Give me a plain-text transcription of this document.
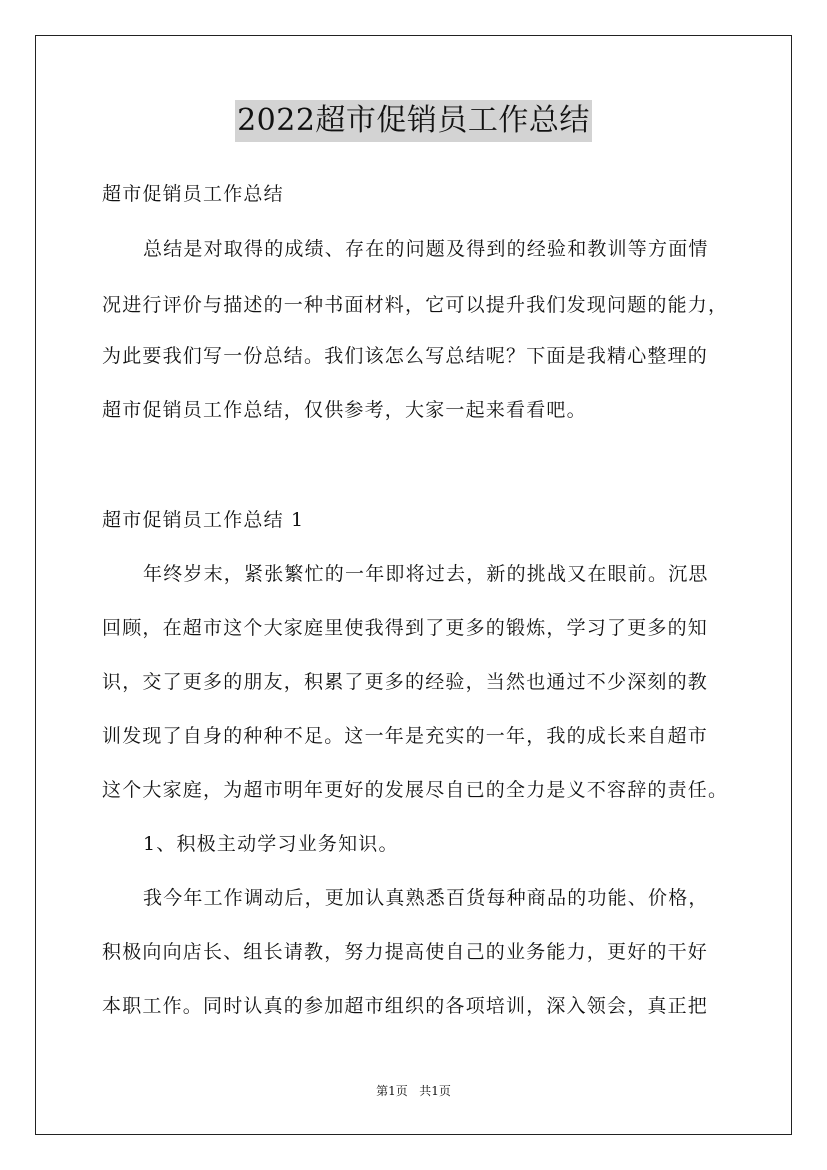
2022超市促销员工作总结
超市促销员工作总结
总结是对取得的成绩、存在的问题及得到的经验和教训等方面情
况进行评价与描述的一种书面材料，它可以提升我们发现问题的能力，
为此要我们写一份总结。我们该怎么写总结呢？下面是我精心整理的
超市促销员工作总结，仅供参考，大家一起来看看吧。
超市促销员工作总结 1
年终岁末，紧张繁忙的一年即将过去，新的挑战又在眼前。沉思
回顾，在超市这个大家庭里使我得到了更多的锻炼，学习了更多的知
识，交了更多的朋友，积累了更多的经验，当然也通过不少深刻的教
训发现了自身的种种不足。这一年是充实的一年，我的成长来自超市
这个大家庭，为超市明年更好的发展尽自已的全力是义不容辞的责任。
1、积极主动学习业务知识。
我今年工作调动后，更加认真熟悉百货每种商品的功能、价格，
积极向向店长、组长请教，努力提高使自己的业务能力，更好的干好
本职工作。同时认真的参加超市组织的各项培训，深入领会，真正把
第1页 共1页
